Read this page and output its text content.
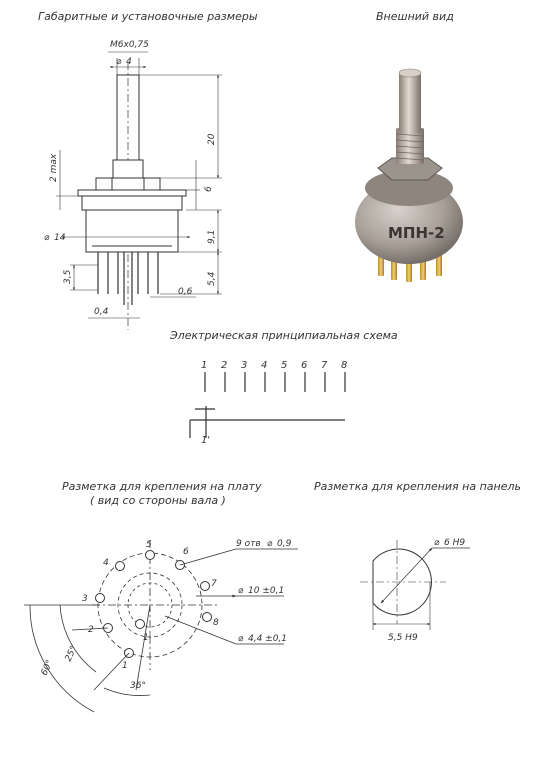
Габаритные и установочные размеры	Внешний вид
Электрическая принципиальная схема
Разметка для крепления на плату
( вид со стороны вала )
Разметка для крепления на панель
М6х0,75
⌀ 4
20
2 max
6
⌀ 14	9,1
3,5
0,6
5,4
0,4
МПН-2
1 2 3 4 5 6 7 8
1'
9 отв ⌀ 0,9
⌀ 10 ±0,1
⌀ 4,4 ±0,1
1
2
3
4
5
6
7
8
1'
36°
25°
60°
⌀ 6 Н9
5,5 Н9
